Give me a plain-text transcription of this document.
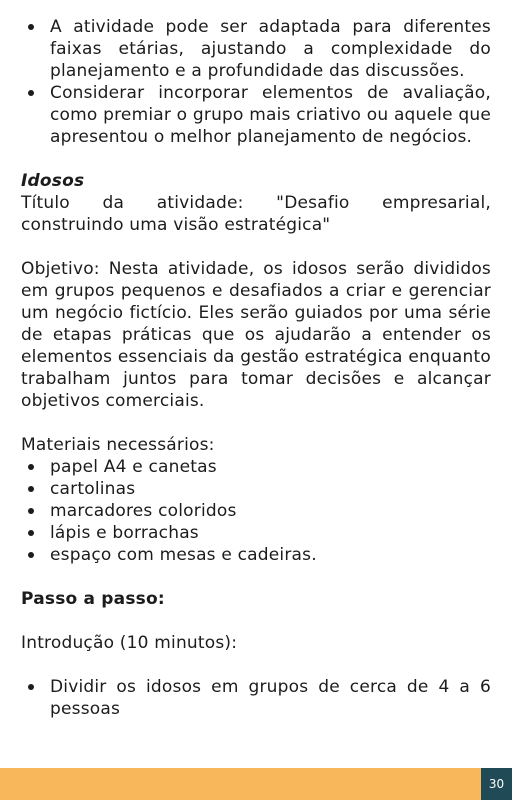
A atividade pode ser adaptada para diferentes faixas etárias, ajustando a complexidade do planejamento e a profundidade das discussões.
Considerar incorporar elementos de avaliação, como premiar o grupo mais criativo ou aquele que apresentou o melhor planejamento de negócios.

Idosos

Título da atividade: "Desafio empresarial, construindo uma visão estratégica"

Objetivo: Nesta atividade, os idosos serão divididos em grupos pequenos e desafiados a criar e gerenciar um negócio fictício. Eles serão guiados por uma série de etapas práticas que os ajudarão a entender os elementos essenciais da gestão estratégica enquanto trabalham juntos para tomar decisões e alcançar objetivos comerciais.

Materiais necessários:

papel A4 e canetas
cartolinas
marcadores coloridos
lápis e borrachas
espaço com mesas e cadeiras.

Passo a passo:

Introdução (10 minutos):

Dividir os idosos em grupos de cerca de 4 a 6 pessoas
30
